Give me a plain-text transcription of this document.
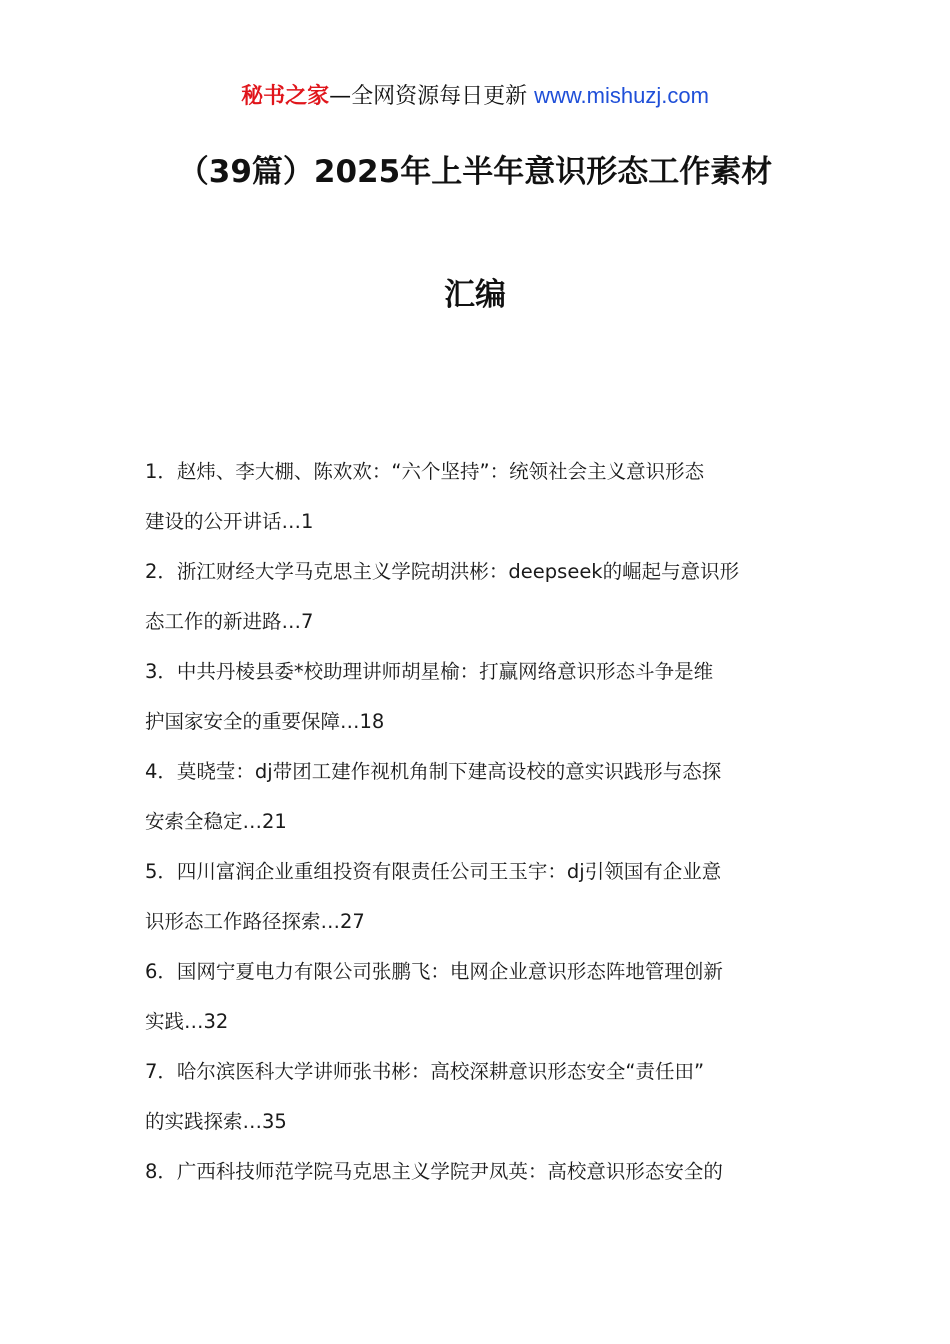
秘书之家—全网资源每日更新 www.mishuzj.com
（39篇）2025年上半年意识形态工作素材
汇编
1．赵炜、李大棚、陈欢欢：“六个坚持”：统领社会主义意识形态
建设的公开讲话…1
2．浙江财经大学马克思主义学院胡洪彬：deepseek的崛起与意识形
态工作的新进路…7
3．中共丹棱县委*校助理讲师胡星榆：打赢网络意识形态斗争是维
护国家安全的重要保障…18
4．莫晓莹：dj带团工建作视机角制下建高设校的意实识践形与态探
安索全稳定…21
5．四川富润企业重组投资有限责任公司王玉宇：dj引领国有企业意
识形态工作路径探索…27
6．国网宁夏电力有限公司张鹏飞：电网企业意识形态阵地管理创新
实践…32
7．哈尔滨医科大学讲师张书彬：高校深耕意识形态安全“责任田”
的实践探索…35
8．广西科技师范学院马克思主义学院尹凤英：高校意识形态安全的
